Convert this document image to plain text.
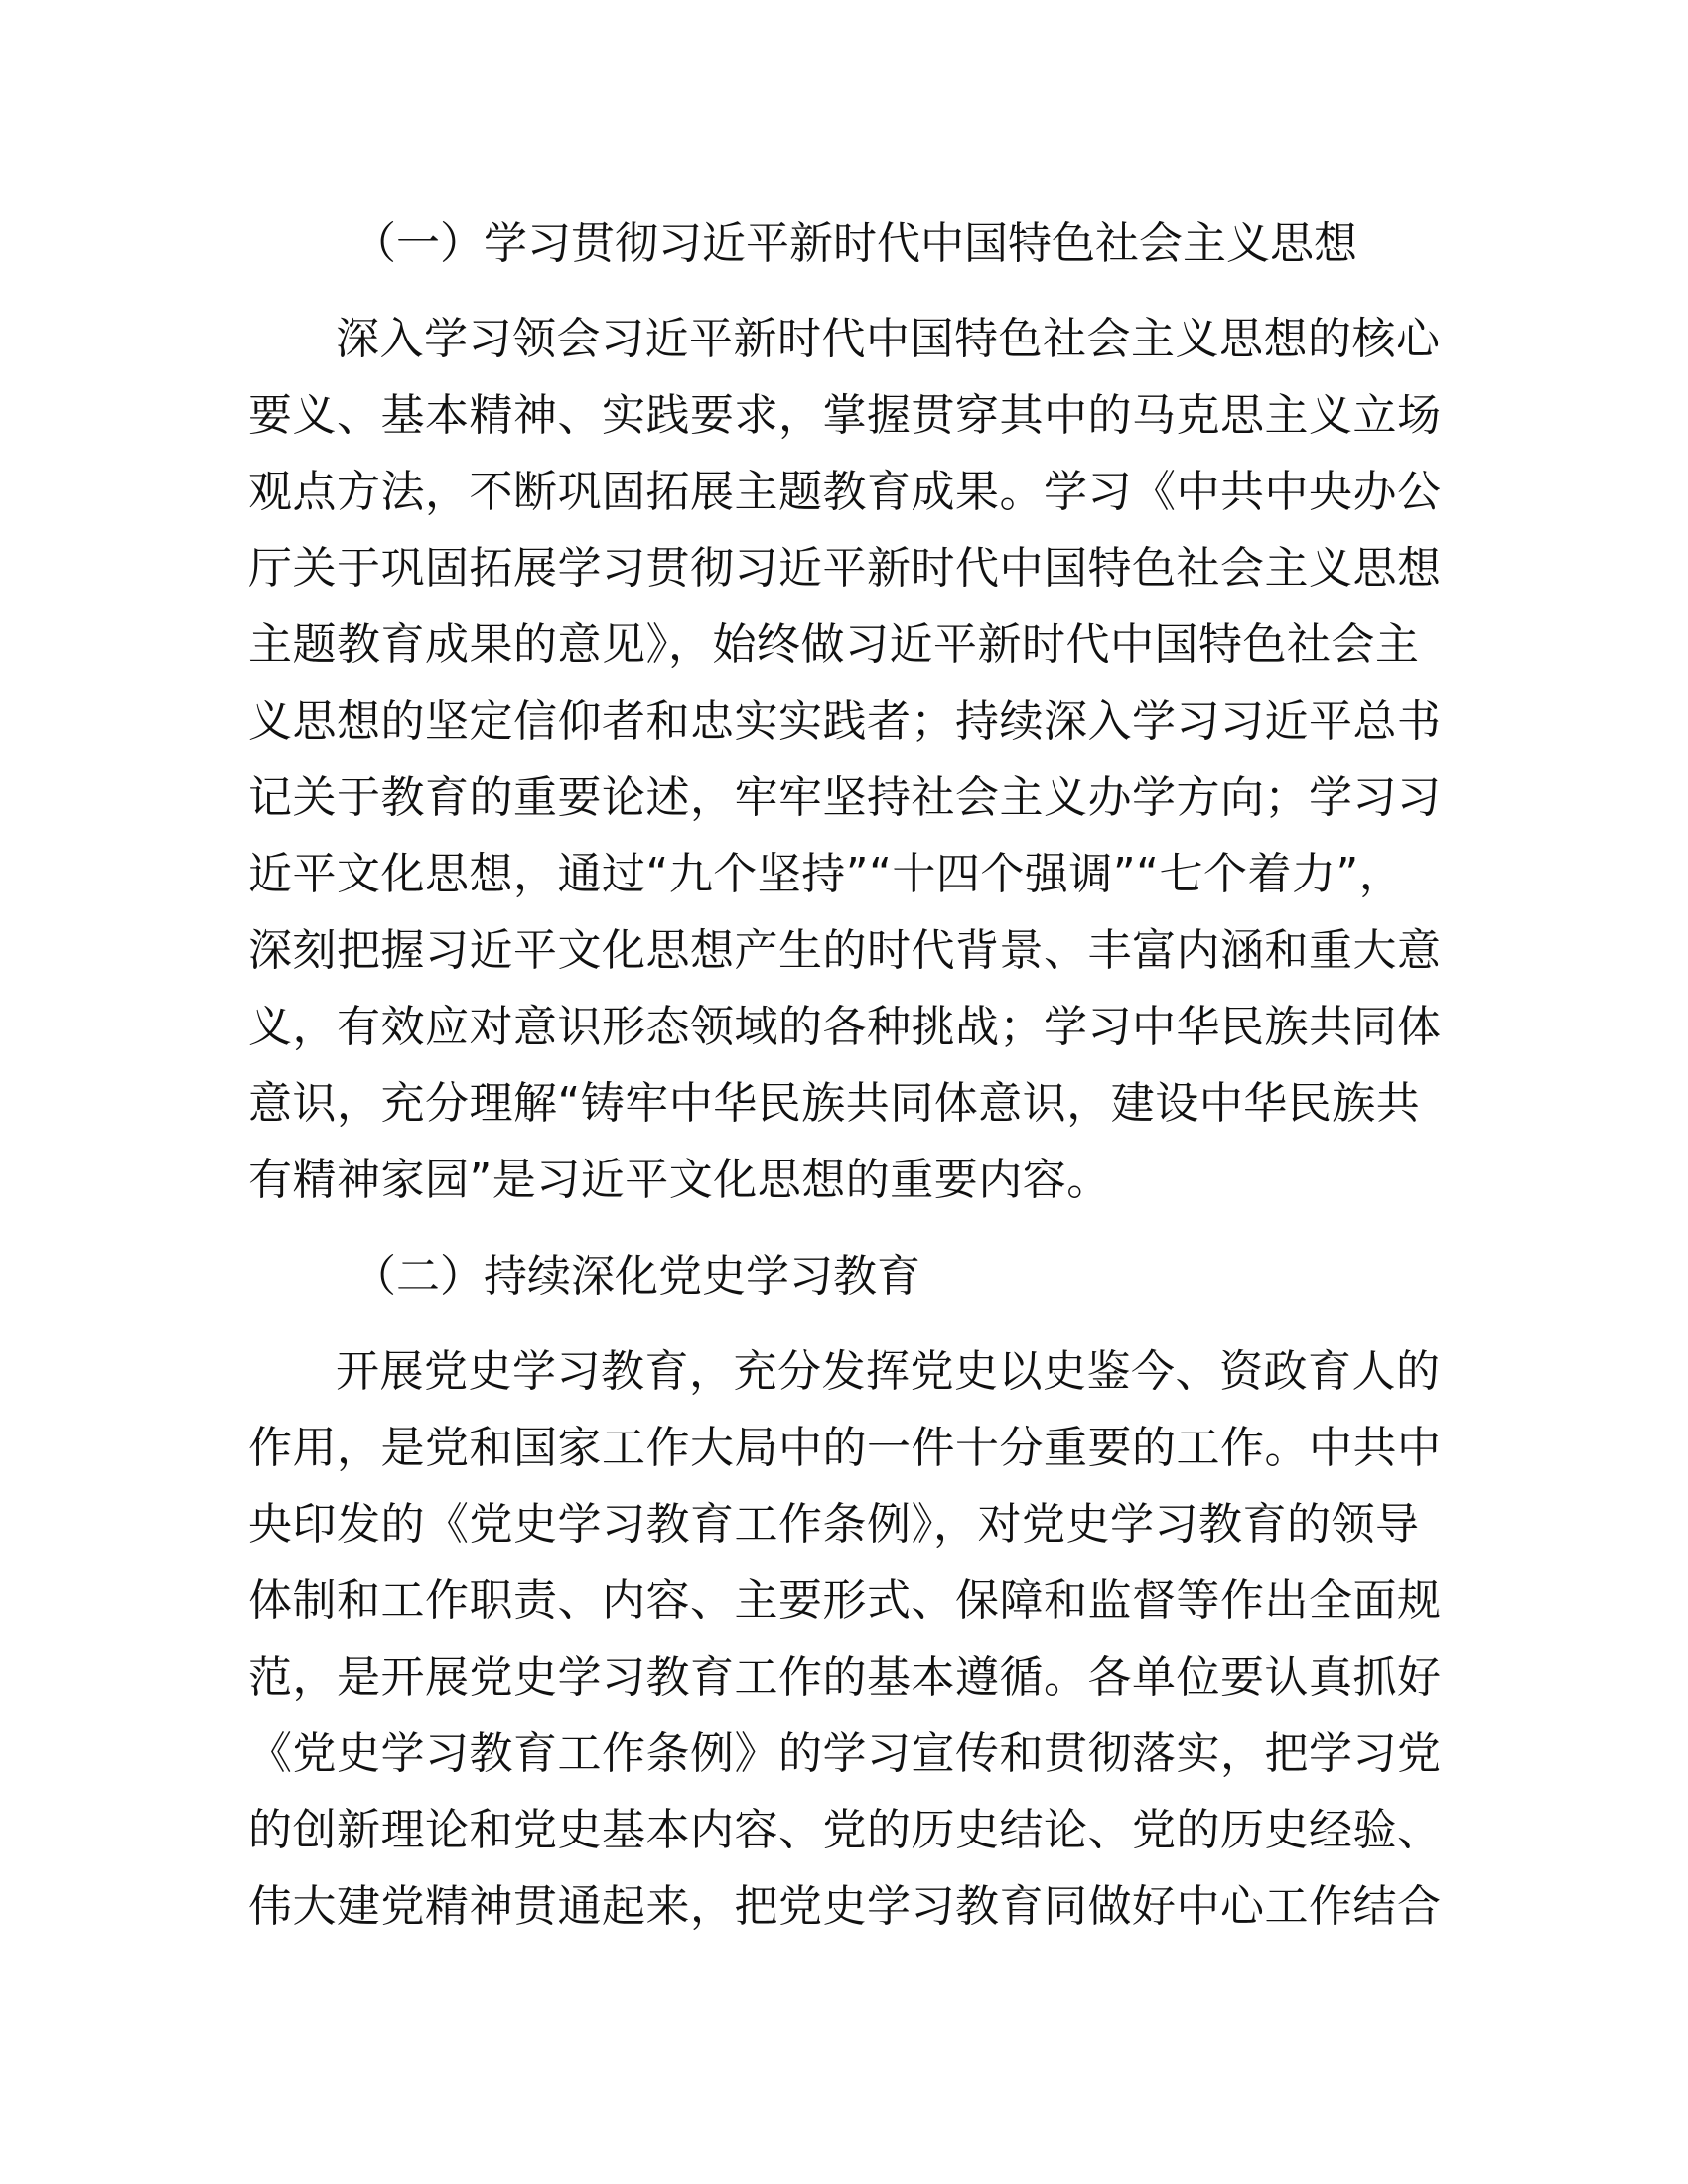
（一）学习贯彻习近平新时代中国特色社会主义思想
深入学习领会习近平新时代中国特色社会主义思想的核心
要义、基本精神、实践要求，掌握贯穿其中的马克思主义立场
观点方法，不断巩固拓展主题教育成果。学习《中共中央办公
厅关于巩固拓展学习贯彻习近平新时代中国特色社会主义思想
主题教育成果的意见》，始终做习近平新时代中国特色社会主
义思想的坚定信仰者和忠实实践者；持续深入学习习近平总书
记关于教育的重要论述，牢牢坚持社会主义办学方向；学习习
近平文化思想，通过“九个坚持”“十四个强调”“七个着力”，
深刻把握习近平文化思想产生的时代背景、丰富内涵和重大意
义，有效应对意识形态领域的各种挑战；学习中华民族共同体
意识，充分理解“铸牢中华民族共同体意识，建设中华民族共
有精神家园”是习近平文化思想的重要内容。
（二）持续深化党史学习教育
开展党史学习教育，充分发挥党史以史鉴今、资政育人的
作用，是党和国家工作大局中的一件十分重要的工作。中共中
央印发的《党史学习教育工作条例》，对党史学习教育的领导
体制和工作职责、内容、主要形式、保障和监督等作出全面规
范，是开展党史学习教育工作的基本遵循。各单位要认真抓好
《党史学习教育工作条例》的学习宣传和贯彻落实，把学习党
的创新理论和党史基本内容、党的历史结论、党的历史经验、
伟大建党精神贯通起来，把党史学习教育同做好中心工作结合
